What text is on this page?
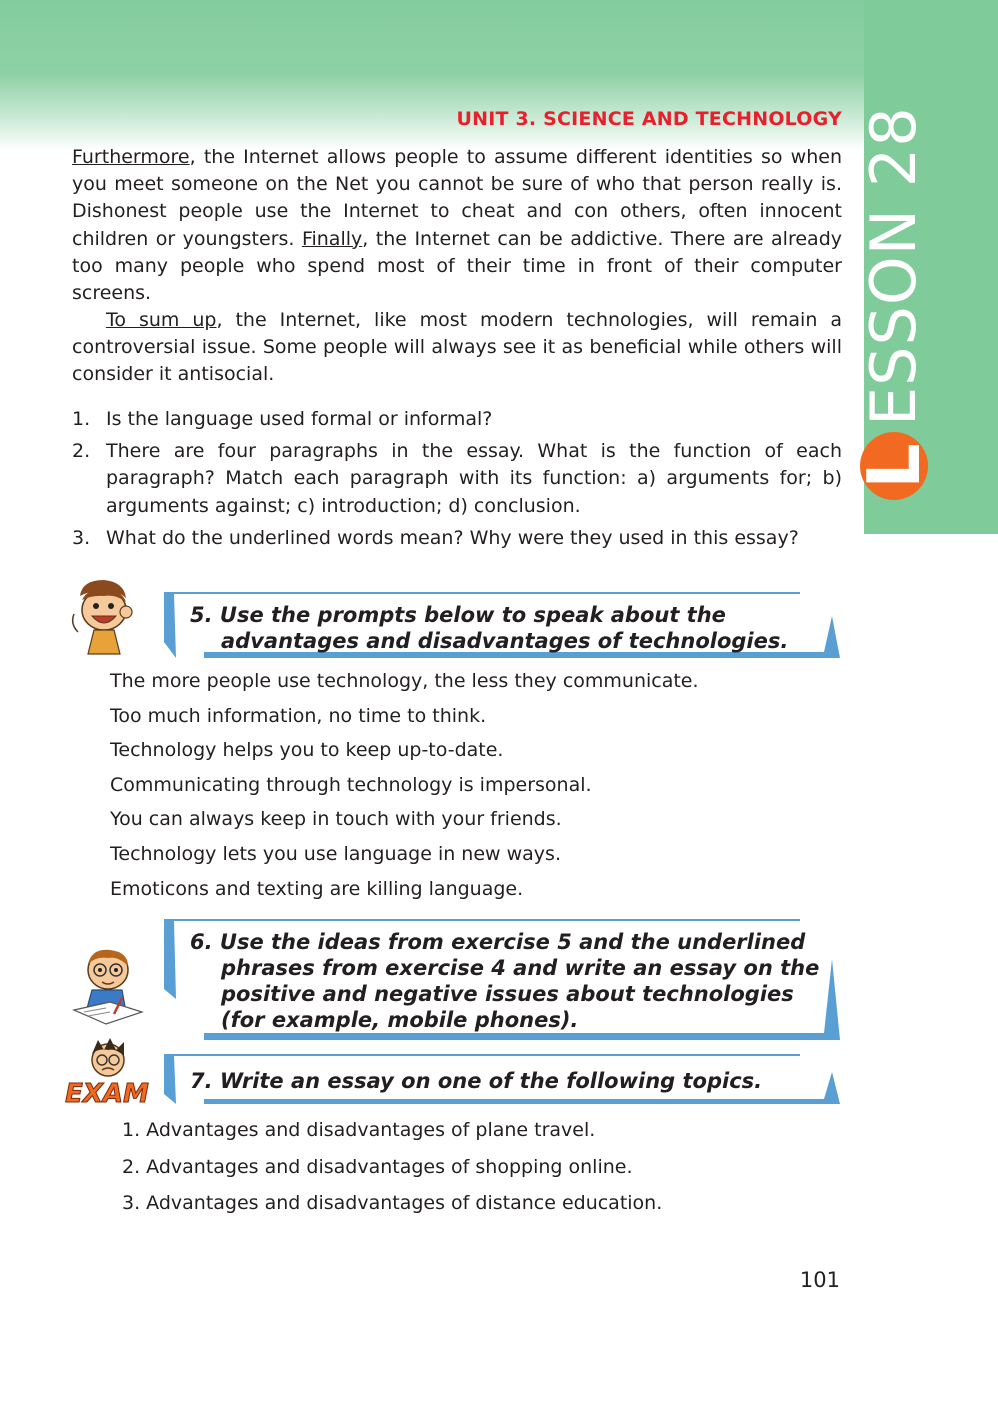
UNIT 3. SCIENCE AND TECHNOLOGY
L
ESSON 28

Furthermore, the Internet allows people to assume different identities so when you meet someone on the Net you cannot be sure of who that person really is. Dishonest people use the Internet to cheat and con others, often innocent children or youngsters. Finally, the Internet can be addictive. There are already too many people who spend most of their time in front of their computer screens.

To sum up, the Internet, like most modern technologies, will remain a controversial issue. Some people will always see it as beneficial while others will consider it antisocial.

1. Is the language used formal or informal?
2. There are four paragraphs in the essay. What is the function of each paragraph? Match each paragraph with its function: a) arguments for; b) arguments against; c) introduction; d) conclusion.
3. What do the underlined words mean? Why were they used in this essay?
5. Use the prompts below to speak about the advantages and disadvantages of technologies.
The more people use technology, the less they communicate.
Too much information, no time to think.
Technology helps you to keep up-to-date.
Communicating through technology is impersonal.
You can always keep in touch with your friends.
Technology lets you use language in new ways.
Emoticons and texting are killing language.
6. Use the ideas from exercise 5 and the underlined phrases from exercise 4 and write an essay on the positive and negative issues about technologies (for example, mobile phones).
EXAM 7. Write an essay on one of the following topics.
1. Advantages and disadvantages of plane travel.
2. Advantages and disadvantages of shopping online.
3. Advantages and disadvantages of distance education.
101
